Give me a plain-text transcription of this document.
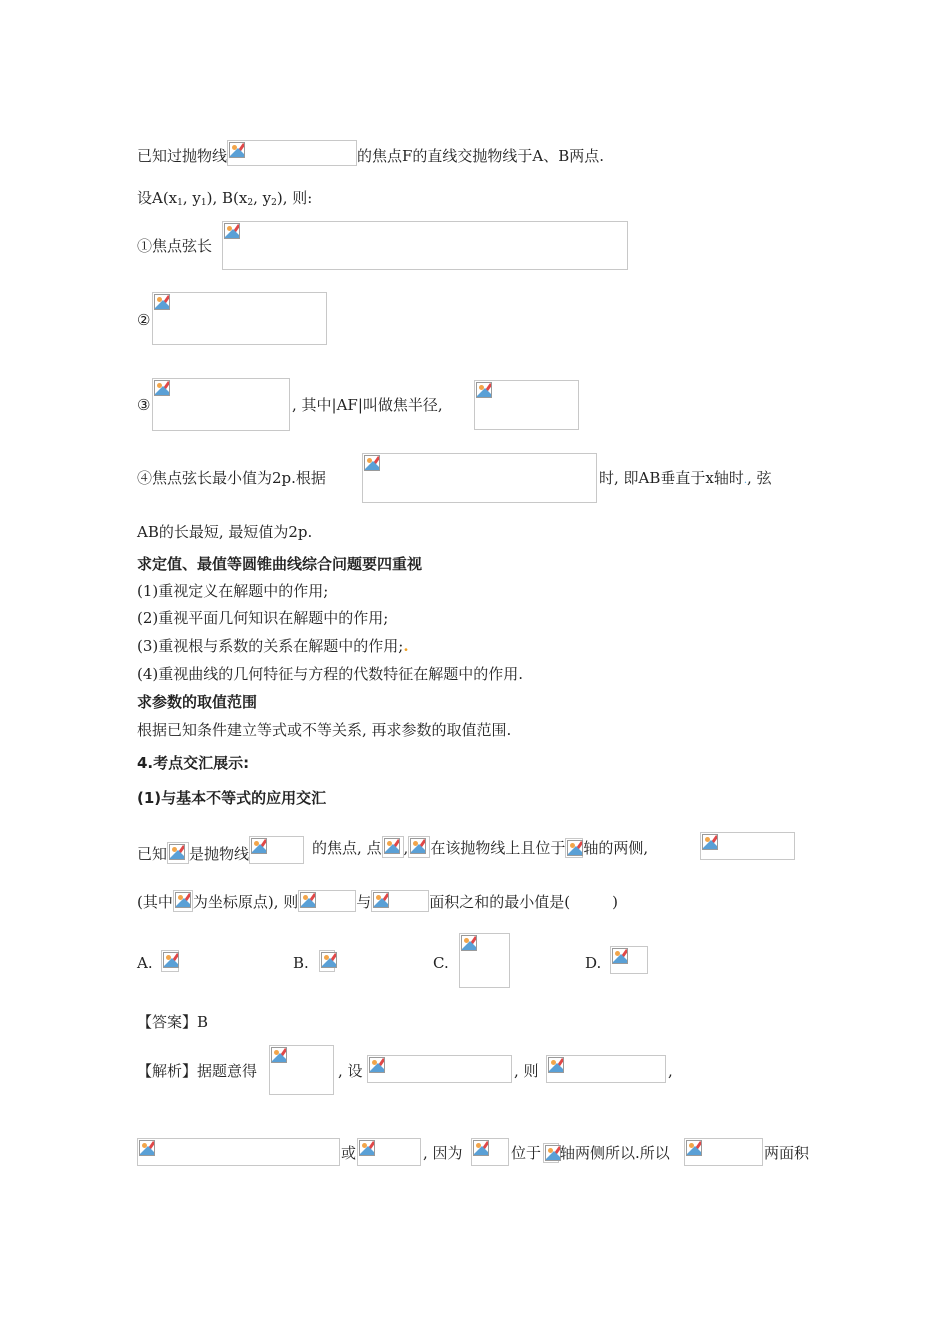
已知过抛物线	的焦点F的直线交抛物线于A、B两点.
设$A(x_1$, $y_1$), $B(x_2$, $y_2$), 则:
①焦点弦长
②
③	, 其中|AF|叫做焦半径,
④焦点弦长最小值为2p.根据	时, 即AB垂直于x轴时., 弦
AB的长最短, 最短值为2p.
求定值、最值等圆锥曲线综合问题要四重视
(1)重视定义在解题中的作用;
(2)重视平面几何知识在解题中的作用;
(3)重视根与系数的关系在解题中的作用;.
(4)重视曲线的几何特征与方程的代数特征在解题中的作用.
求参数的取值范围
根据已知条件建立等式或不等关系, 再求参数的取值范围.
4.考点交汇展示:
(1)与基本不等式的应用交汇
已知 是抛物线	的焦点, 点 , 在该抛物线上且位于 轴的两侧,
(其中 为坐标原点), 则	与	面积之和的最小值是(	)
A.	B.	C.	D.
【答案】B
【解析】据题意得	, 设	, 则	,
或	, 因为	位于 轴两侧所以.所以	两面积
